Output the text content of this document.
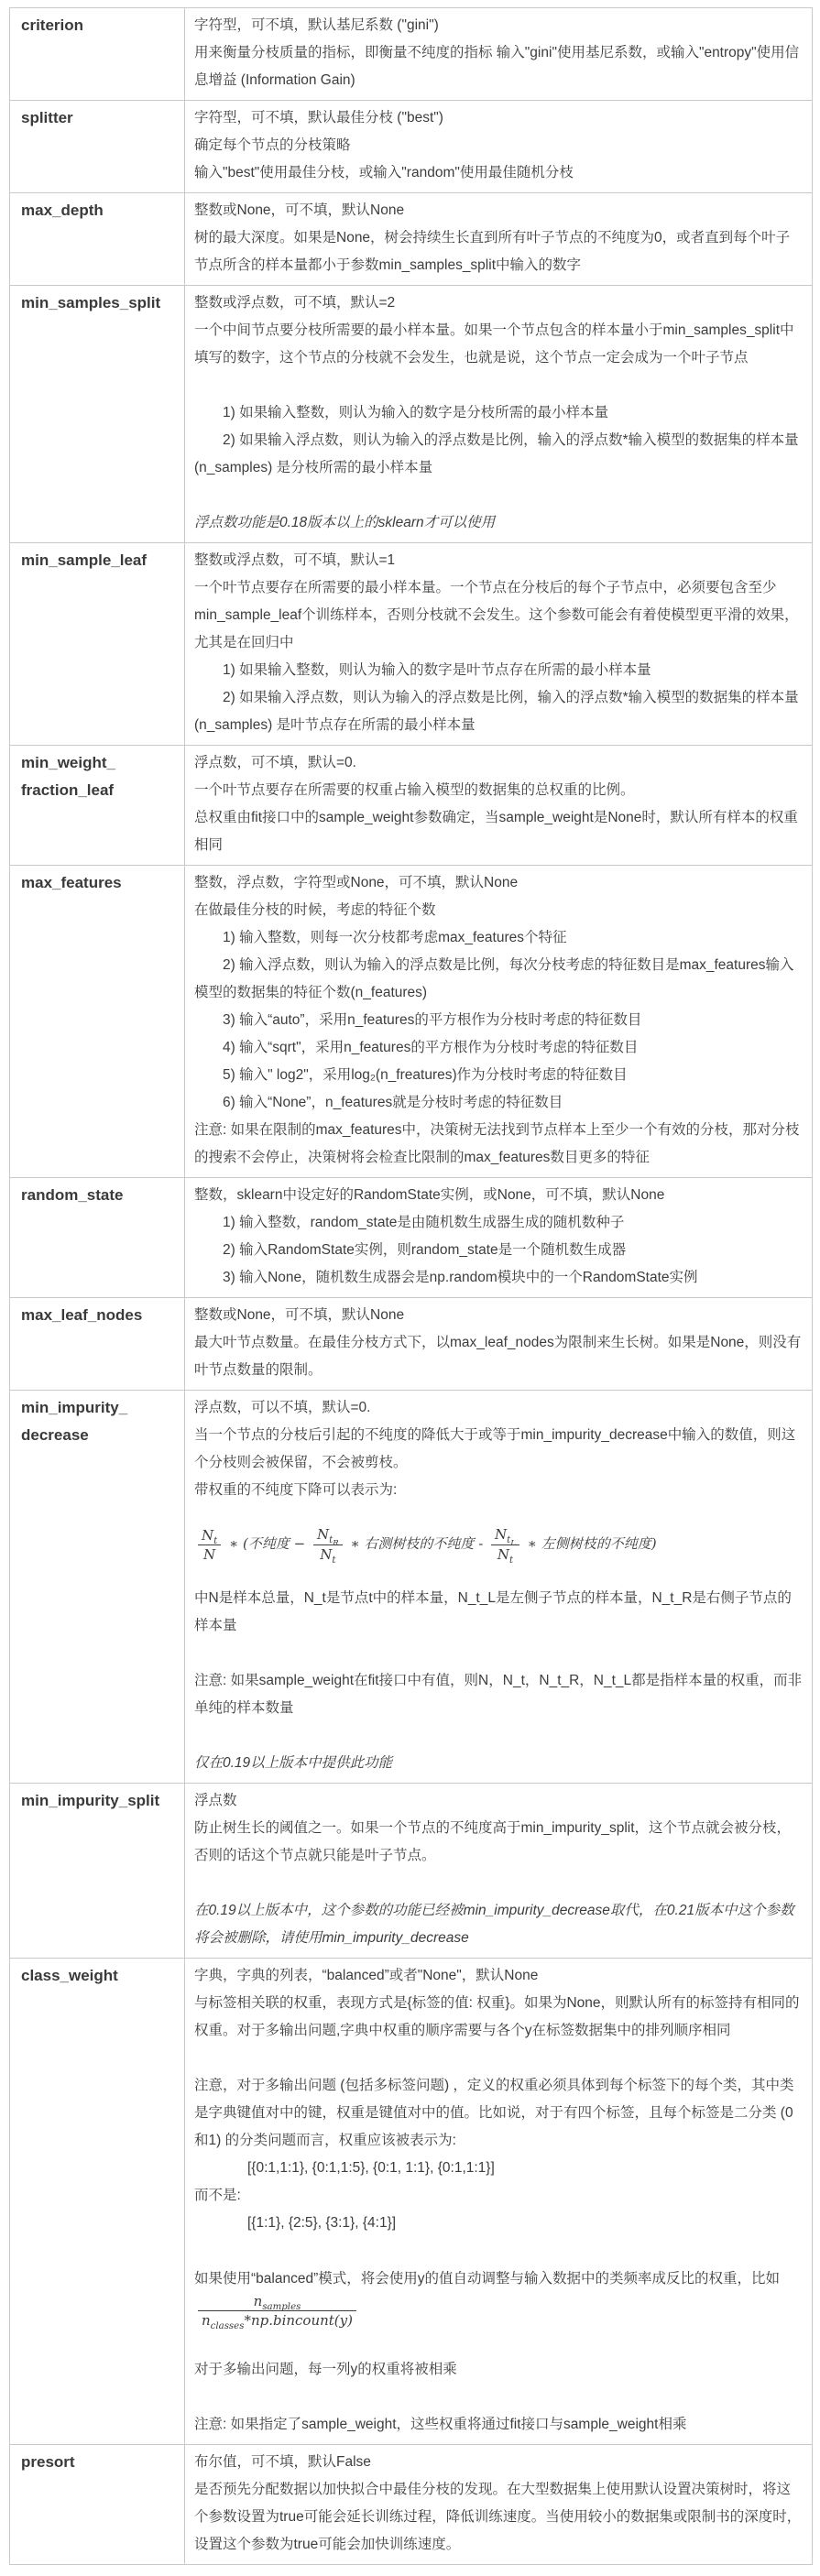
criterion	字符型，可不填，默认基尼系数 ("gini")
用来衡量分枝质量的指标，即衡量不纯度的指标 输入"gini"使用基尼系数，或输入"entropy"使用信息增益 (Information Gain)

splitter	字符型，可不填，默认最佳分枝 ("best")
确定每个节点的分枝策略
输入"best"使用最佳分枝，或输入"random"使用最佳随机分枝

max_depth	整数或None，可不填，默认None
树的最大深度。如果是None，树会持续生长直到所有叶子节点的不纯度为0，或者直到每个叶子节点所含的样本量都小于参数min_samples_split中输入的数字

min_samples_split	整数或浮点数，可不填，默认=2
一个中间节点要分枝所需要的最小样本量。如果一个节点包含的样本量小于min_samples_split中填写的数字，这个节点的分枝就不会发生，也就是说，这个节点一定会成为一个叶子节点
1) 如果输入整数，则认为输入的数字是分枝所需的最小样本量
2) 如果输入浮点数，则认为输入的浮点数是比例，输入的浮点数*输入模型的数据集的样本量 (n_samples) 是分枝所需的最小样本量
浮点数功能是0.18版本以上的sklearn才可以使用

min_sample_leaf	整数或浮点数，可不填，默认=1
一个叶节点要存在所需要的最小样本量。一个节点在分枝后的每个子节点中，必须要包含至少min_sample_leaf个训练样本，否则分枝就不会发生。这个参数可能会有着使模型更平滑的效果，尤其是在回归中
1) 如果输入整数，则认为输入的数字是叶节点存在所需的最小样本量
2) 如果输入浮点数，则认为输入的浮点数是比例，输入的浮点数*输入模型的数据集的样本量 (n_samples) 是叶节点存在所需的最小样本量

min_weight_fraction_leaf	浮点数，可不填，默认=0.
一个叶节点要存在所需要的权重占输入模型的数据集的总权重的比例。
总权重由fit接口中的sample_weight参数确定，当sample_weight是None时，默认所有样本的权重相同

max_features	整数，浮点数，字符型或None，可不填，默认None
在做最佳分枝的时候，考虑的特征个数
1) 输入整数，则每一次分枝都考虑max_features个特征
2) 输入浮点数，则认为输入的浮点数是比例，每次分枝考虑的特征数目是max_features输入模型的数据集的特征个数(n_features)
3) 输入“auto”，采用n_features的平方根作为分枝时考虑的特征数目
4) 输入“sqrt"，采用n_features的平方根作为分枝时考虑的特征数目
5) 输入" log2"，采用log₂(n_freatures)作为分枝时考虑的特征数目
6) 输入“None”，n_features就是分枝时考虑的特征数目
注意: 如果在限制的max_features中，决策树无法找到节点样本上至少一个有效的分枝，那对分枝的搜索不会停止，决策树将会检查比限制的max_features数目更多的特征

random_state	整数，sklearn中设定好的RandomState实例，或None，可不填，默认None
1) 输入整数，random_state是由随机数生成器生成的随机数种子
2) 输入RandomState实例，则random_state是一个随机数生成器
3) 输入None，随机数生成器会是np.random模块中的一个RandomState实例

max_leaf_nodes	整数或None，可不填，默认None
最大叶节点数量。在最佳分枝方式下，以max_leaf_nodes为限制来生长树。如果是None，则没有叶节点数量的限制。

min_impurity_decrease	
浮点数，可以不填，默认=0.
当一个节点的分枝后引起的不纯度的降低大于或等于min_impurity_decrease中输入的数值，则这个分枝则会被保留，不会被剪枝。
带权重的不纯度下降可以表示为:
$\frac{N_t}{N}$ ∗ (不纯度 − $\frac{N_{t_R}}{N_t}$ ∗ 右测树枝的不纯度 - $\frac{N_{t_L}}{N_t}$ ∗ 左侧树枝的不纯度)
中N是样本总量，N_t是节点t中的样本量，N_t_L是左侧子节点的样本量，N_t_R是右侧子节点的样本量
注意: 如果sample_weight在fit接口中有值，则N，N_t，N_t_R，N_t_L都是指样本量的权重，而非单纯的样本数量
仅在0.19以上版本中提供此功能

min_impurity_split	浮点数
防止树生长的阈值之一。如果一个节点的不纯度高于min_impurity_split，这个节点就会被分枝，否则的话这个节点就只能是叶子节点。
在0.19以上版本中，这个参数的功能已经被min_impurity_decrease取代，在0.21版本中这个参数将会被删除，请使用min_impurity_decrease

class_weight	字典，字典的列表，“balanced”或者"None"，默认None
与标签相关联的权重，表现方式是{标签的值: 权重}。如果为None，则默认所有的标签持有相同的权重。对于多输出问题,字典中权重的顺序需要与各个y在标签数据集中的排列顺序相同
注意，对于多输出问题 (包括多标签问题) ，定义的权重必须具体到每个标签下的每个类，其中类是字典键值对中的键，权重是键值对中的值。比如说，对于有四个标签，且每个标签是二分类 (0和1) 的分类问题而言，权重应该被表示为:
[{0:1,1:1}, {0:1,1:5}, {0:1, 1:1}, {0:1,1:1}]
而不是:
[{1:1}, {2:5}, {3:1}, {4:1}]
如果使用“balanced”模式，将会使用y的值自动调整与输入数据中的类频率成反比的权重，比如
$\frac{n_{samples}}{n_{classes}*np.bincount(y)}$
对于多输出问题，每一列y的权重将被相乘
注意: 如果指定了sample_weight，这些权重将通过fit接口与sample_weight相乘

presort	布尔值，可不填，默认False
是否预先分配数据以加快拟合中最佳分枝的发现。在大型数据集上使用默认设置决策树时，将这个参数设置为true可能会延长训练过程，降低训练速度。当使用较小的数据集或限制书的深度时，设置这个参数为true可能会加快训练速度。
